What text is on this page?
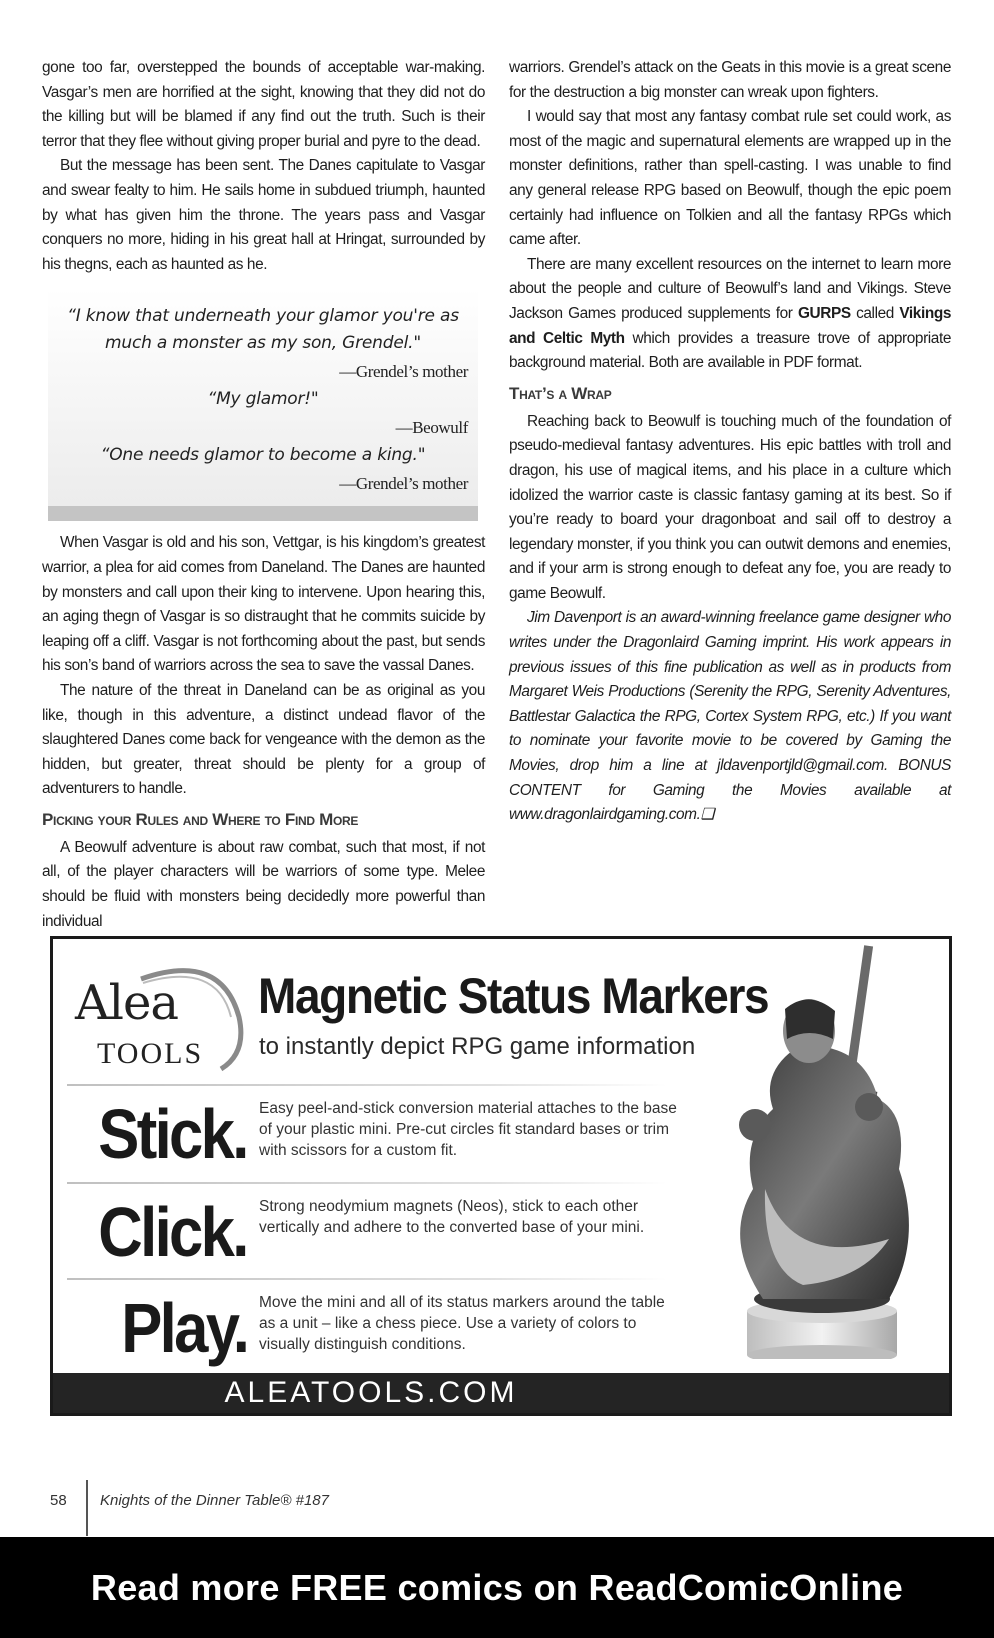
gone too far, overstepped the bounds of acceptable war-making. Vasgar’s men are horrified at the sight, knowing that they did not do the killing but will be blamed if any find out the truth. Such is their terror that they flee without giving proper burial and pyre to the dead.

But the message has been sent. The Danes capitulate to Vasgar and swear fealty to him. He sails home in subdued triumph, haunted by what has given him the throne. The years pass and Vasgar conquers no more, hiding in his great hall at Hringat, surrounded by his thegns, each as haunted as he.

“I know that underneath your glamor you're as much a monster as my son, Grendel."
—Grendel’s mother
“My glamor!"
—Beowulf
“One needs glamor to become a king."
—Grendel’s mother

When Vasgar is old and his son, Vettgar, is his kingdom’s greatest warrior, a plea for aid comes from Daneland. The Danes are haunted by monsters and call upon their king to intervene. Upon hearing this, an aging thegn of Vasgar is so distraught that he commits suicide by leaping off a cliff. Vasgar is not forthcoming about the past, but sends his son’s band of warriors across the sea to save the vassal Danes.

The nature of the threat in Daneland can be as original as you like, though in this adventure, a distinct undead flavor of the slaughtered Danes come back for vengeance with the demon as the hidden, but greater, threat should be plenty for a group of adventurers to handle.

Picking your Rules and Where to Find More

A Beowulf adventure is about raw combat, such that most, if not all, of the player characters will be warriors of some type. Melee should be fluid with monsters being decidedly more powerful than individual

warriors. Grendel’s attack on the Geats in this movie is a great scene for the destruction a big monster can wreak upon fighters.

I would say that most any fantasy combat rule set could work, as most of the magic and supernatural elements are wrapped up in the monster definitions, rather than spell-casting. I was unable to find any general release RPG based on Beowulf, though the epic poem certainly had influence on Tolkien and all the fantasy RPGs which came after.

There are many excellent resources on the internet to learn more about the people and culture of Beowulf’s land and Vikings. Steve Jackson Games produced supplements for GURPS called Vikings and Celtic Myth which provides a treasure trove of appropriate background material. Both are available in PDF format.

That’s a Wrap

Reaching back to Beowulf is touching much of the foundation of pseudo-medieval fantasy adventures. His epic battles with troll and dragon, his use of magical items, and his place in a culture which idolized the warrior caste is classic fantasy gaming at its best. So if you’re ready to board your dragonboat and sail off to destroy a legendary monster, if you think you can outwit demons and enemies, and if your arm is strong enough to defeat any foe, you are ready to game Beowulf.

Jim Davenport is an award-winning freelance game designer who writes under the Dragonlaird Gaming imprint. His work appears in previous issues of this fine publication as well as in products from Margaret Weis Productions (Serenity the RPG, Serenity Adventures, Battlestar Galactica the RPG, Cortex System RPG, etc.) If you want to nominate your favorite movie to be covered by Gaming the Movies, drop him a line at jldavenportjld@gmail.com. BONUS CONTENT for Gaming the Movies available at www.dragonlairdgaming.com.❑

Alea
TOOLS
Magnetic Status Markers
to instantly depict RPG game information
Stick. Easy peel-and-stick conversion material attaches to the base of your plastic mini. Pre-cut circles fit standard bases or trim with scissors for a custom fit.
Click. Strong neodymium magnets (Neos), stick to each other vertically and adhere to the converted base of your mini.
Play. Move the mini and all of its status markers around the table as a unit – like a chess piece. Use a variety of colors to visually distinguish conditions.
ALEATOOLS.COM
58 Knights of the Dinner Table® #187
Read more FREE comics on ReadComicOnline
